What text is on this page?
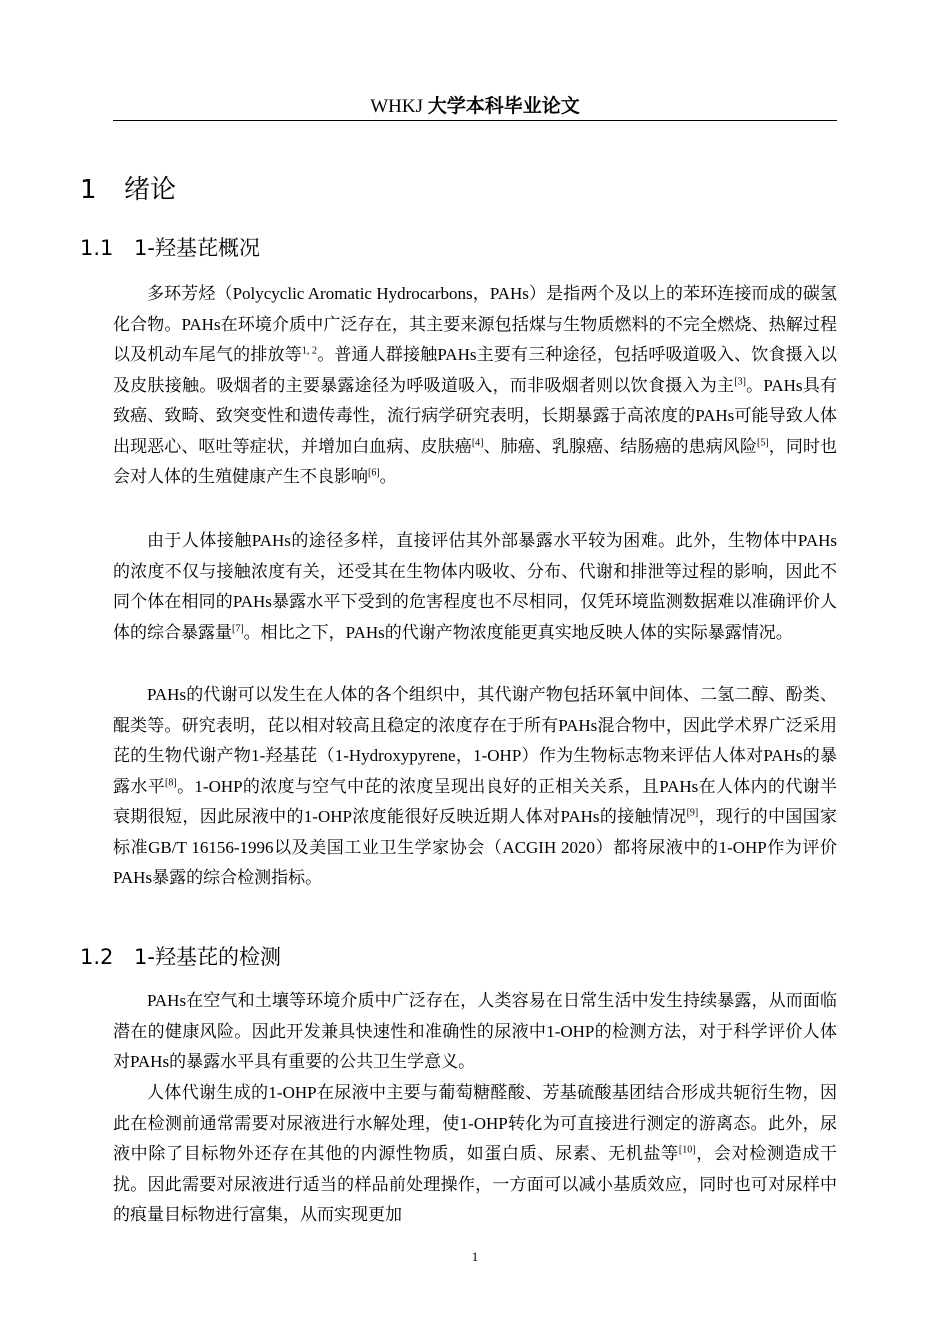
WHKJ 大学本科毕业论文
1 绪论
1.1 1-羟基芘概况
多环芳烃（Polycyclic Aromatic Hydrocarbons，PAHs）是指两个及以上的苯环连接而成的碳氢化合物。PAHs在环境介质中广泛存在，其主要来源包括煤与生物质燃料的不完全燃烧、热解过程以及机动车尾气的排放等$^{1, 2}$。普通人群接触PAHs主要有三种途径，包括呼吸道吸入、饮食摄入以及皮肤接触。吸烟者的主要暴露途径为呼吸道吸入，而非吸烟者则以饮食摄入为主[3]。PAHs具有致癌、致畸、致突变性和遗传毒性，流行病学研究表明，长期暴露于高浓度的PAHs可能导致人体出现恶心、呕吐等症状，并增加白血病、皮肤癌[4]、肺癌、乳腺癌、结肠癌的患病风险[5]，同时也会对人体的生殖健康产生不良影响[6]。
由于人体接触PAHs的途径多样，直接评估其外部暴露水平较为困难。此外，生物体中PAHs的浓度不仅与接触浓度有关，还受其在生物体内吸收、分布、代谢和排泄等过程的影响，因此不同个体在相同的PAHs暴露水平下受到的危害程度也不尽相同，仅凭环境监测数据难以准确评价人体的综合暴露量[7]。相比之下，PAHs的代谢产物浓度能更真实地反映人体的实际暴露情况。
PAHs的代谢可以发生在人体的各个组织中，其代谢产物包括环氧中间体、二氢二醇、酚类、醌类等。研究表明，芘以相对较高且稳定的浓度存在于所有PAHs混合物中，因此学术界广泛采用芘的生物代谢产物1-羟基芘（1-Hydroxypyrene，1-OHP）作为生物标志物来评估人体对PAHs的暴露水平[8]。1-OHP的浓度与空气中芘的浓度呈现出良好的正相关关系，且PAHs在人体内的代谢半衰期很短，因此尿液中的1-OHP浓度能很好反映近期人体对PAHs的接触情况[9]，现行的中国国家标准GB/T 16156-1996以及美国工业卫生学家协会（ACGIH 2020）都将尿液中的1-OHP作为评价PAHs暴露的综合检测指标。
1.2 1-羟基芘的检测
PAHs在空气和土壤等环境介质中广泛存在，人类容易在日常生活中发生持续暴露，从而面临潜在的健康风险。因此开发兼具快速性和准确性的尿液中1-OHP的检测方法，对于科学评价人体对PAHs的暴露水平具有重要的公共卫生学意义。
人体代谢生成的1-OHP在尿液中主要与葡萄糖醛酸、芳基硫酸基团结合形成共轭衍生物，因此在检测前通常需要对尿液进行水解处理，使1-OHP转化为可直接进行测定的游离态。此外，尿液中除了目标物外还存在其他的内源性物质，如蛋白质、尿素、无机盐等[10]，会对检测造成干扰。因此需要对尿液进行适当的样品前处理操作，一方面可以减小基质效应，同时也可对尿样中的痕量目标物进行富集，从而实现更加
1
